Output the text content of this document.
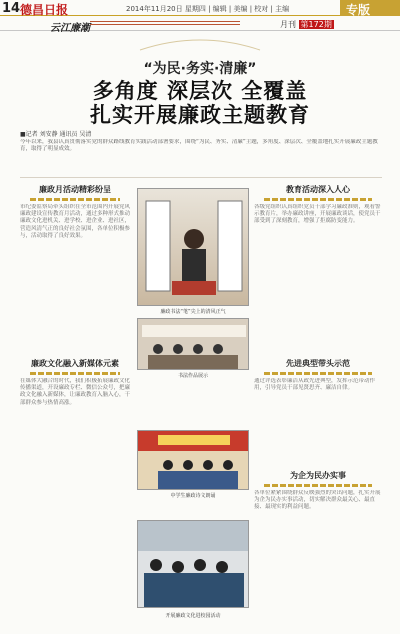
14 德昌日报	2014年11月20日 星期四 | 编辑 | 美编 | 校对 | 主编	专版
云江廉潮	月刊 第172期
“为民·务实·清廉”
多角度 深层次 全覆盖
扎实开展廉政主题教育
■记者 刘安静 通讯员 吴清
今年以来，我县认真贯彻落实党的群众路线教育实践活动部署要求，围绕“为民、务实、清廉”主题，多角度、深层次、全覆盖地扎实开展廉政主题教育，取得了明显成效。
廉政月活动精彩纷呈
市纪委监察局牵头组织在全市范围内开展党风廉政建设宣传教育月活动，通过多种形式推动廉政文化进机关、进学校、进企业、进社区，营造风清气正的良好社会氛围，各单位积极参与，活动取得了良好效果。
廉政文化融入新媒体元素
在媒体大融合的时代，我们积极拓展廉政文化传播渠道，开设廉政专栏、微信公众号，把廉政文化融入新媒体，让廉政教育入脑入心，干部群众参与热情高涨。
廉政书法“笔”尖上的清风正气
书法作品展示
中学生廉政诗文朗诵
开展廉政文化进校园活动
教育活动深入人心
各级党组织认真组织党员干部学习廉政准则，观看警示教育片，举办廉政讲座，开展廉政谈话，使党员干部受到了深刻教育，增强了拒腐防变能力。
先进典型带头示范
通过评选表彰廉洁从政先进典型，发挥示范带动作用，引导党员干部见贤思齐、廉洁自律。
为企为民办实事
各单位紧紧围绕群众反映强烈的突出问题，扎实开展为企为民办实事活动，切实解决群众最关心、最直接、最现实的利益问题。
